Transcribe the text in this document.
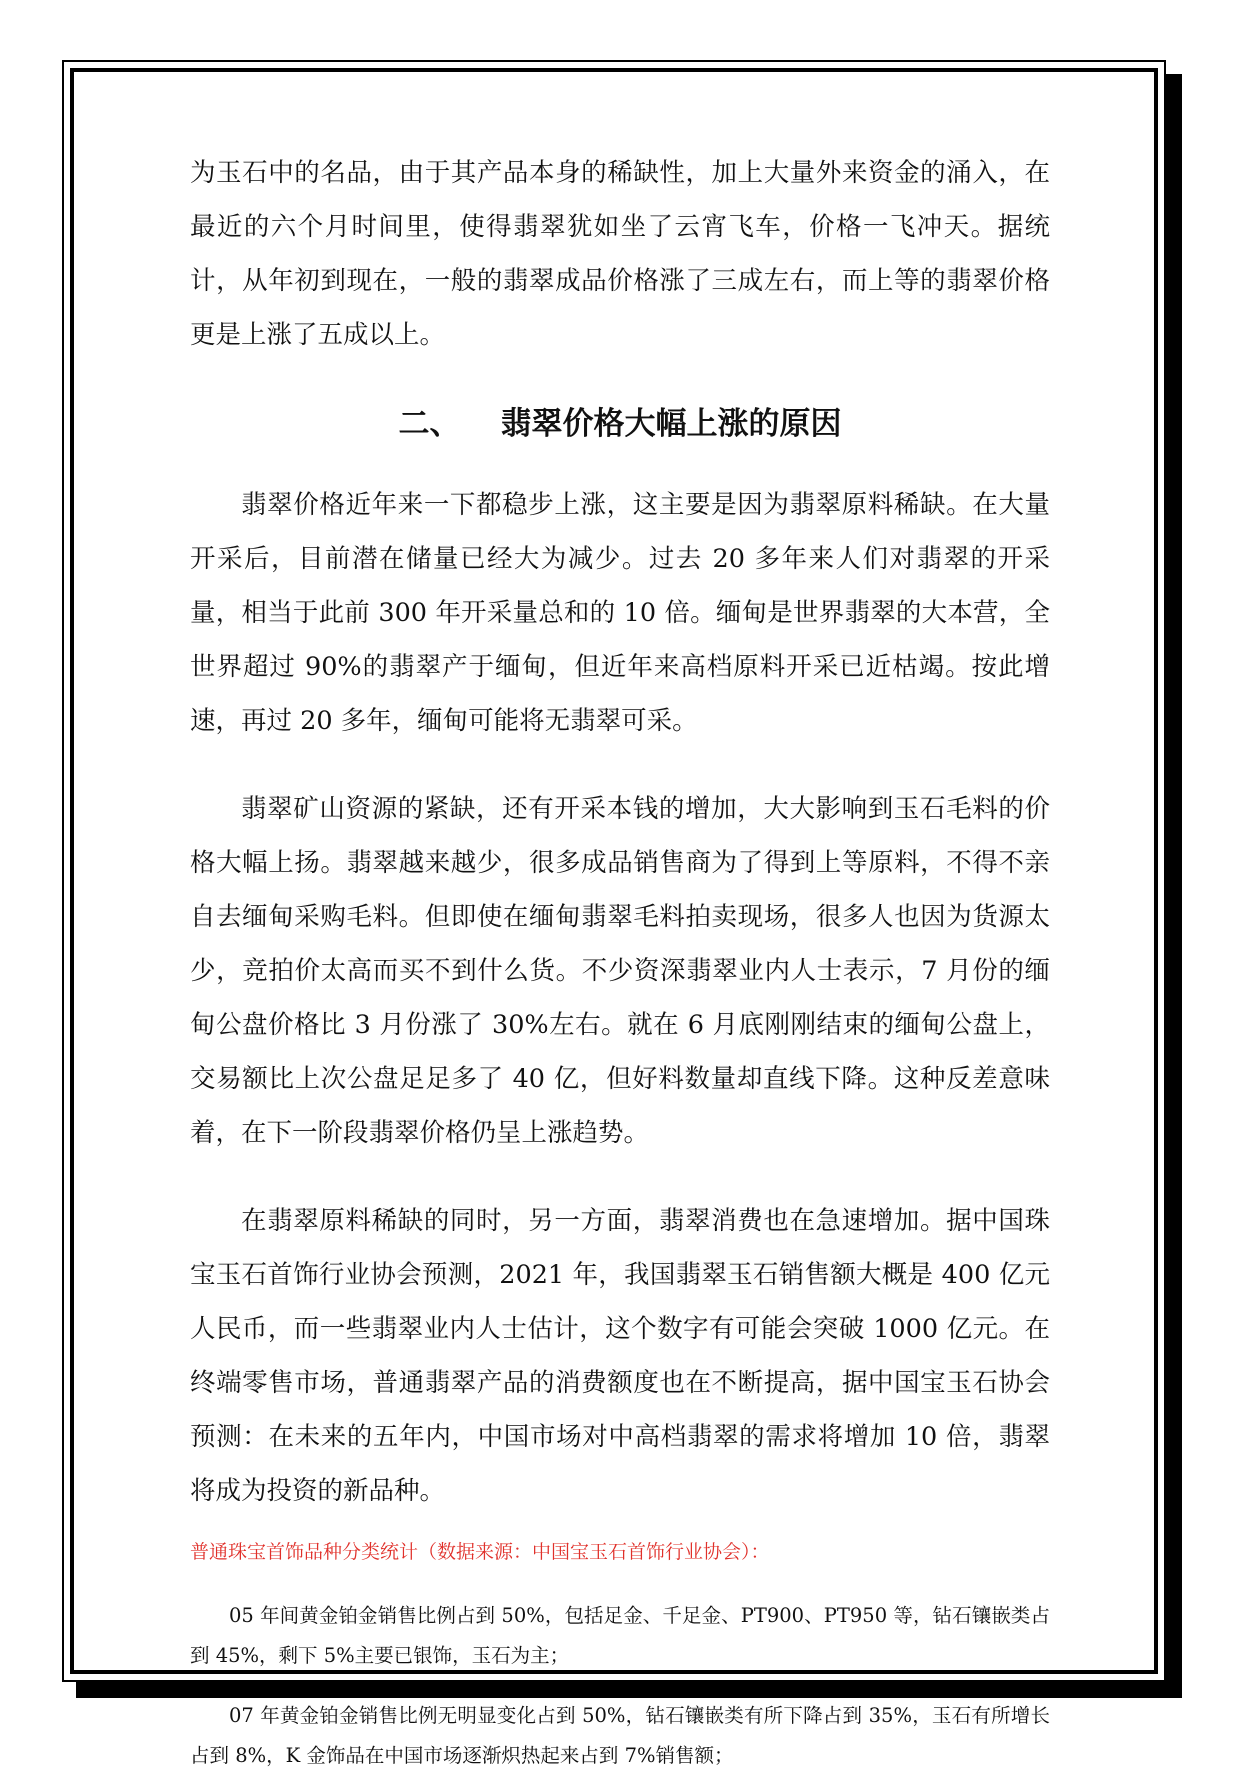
为玉石中的名品，由于其产品本身的稀缺性，加上大量外来资金的涌入，在最近的六个月时间里，使得翡翠犹如坐了云宵飞车，价格一飞冲天。据统计，从年初到现在，一般的翡翠成品价格涨了三成左右，而上等的翡翠价格更是上涨了五成以上。

二、 翡翠价格大幅上涨的原因

翡翠价格近年来一下都稳步上涨，这主要是因为翡翠原料稀缺。在大量开采后，目前潜在储量已经大为减少。过去 20 多年来人们对翡翠的开采量，相当于此前 300 年开采量总和的 10 倍。缅甸是世界翡翠的大本营，全世界超过 90%的翡翠产于缅甸，但近年来高档原料开采已近枯竭。按此增速，再过 20 多年，缅甸可能将无翡翠可采。

翡翠矿山资源的紧缺，还有开采本钱的增加，大大影响到玉石毛料的价格大幅上扬。翡翠越来越少，很多成品销售商为了得到上等原料，不得不亲自去缅甸采购毛料。但即使在缅甸翡翠毛料拍卖现场，很多人也因为货源太少，竞拍价太高而买不到什么货。不少资深翡翠业内人士表示，7 月份的缅甸公盘价格比 3 月份涨了 30%左右。就在 6 月底刚刚结束的缅甸公盘上，交易额比上次公盘足足多了 40 亿，但好料数量却直线下降。这种反差意味着，在下一阶段翡翠价格仍呈上涨趋势。

在翡翠原料稀缺的同时，另一方面，翡翠消费也在急速增加。据中国珠宝玉石首饰行业协会预测，2021 年，我国翡翠玉石销售额大概是 400 亿元人民币，而一些翡翠业内人士估计，这个数字有可能会突破 1000 亿元。在终端零售市场，普通翡翠产品的消费额度也在不断提高，据中国宝玉石协会预测：在未来的五年内，中国市场对中高档翡翠的需求将增加 10 倍，翡翠将成为投资的新品种。

普通珠宝首饰品种分类统计（数据来源：中国宝玉石首饰行业协会）：

05 年间黄金铂金销售比例占到 50%，包括足金、千足金、PT900、PT950 等，钻石镶嵌类占到 45%，剩下 5%主要已银饰，玉石为主；

07 年黄金铂金销售比例无明显变化占到 50%，钻石镶嵌类有所下降占到 35%，玉石有所增长占到 8%，K 金饰品在中国市场逐渐炽热起来占到 7%销售额；
